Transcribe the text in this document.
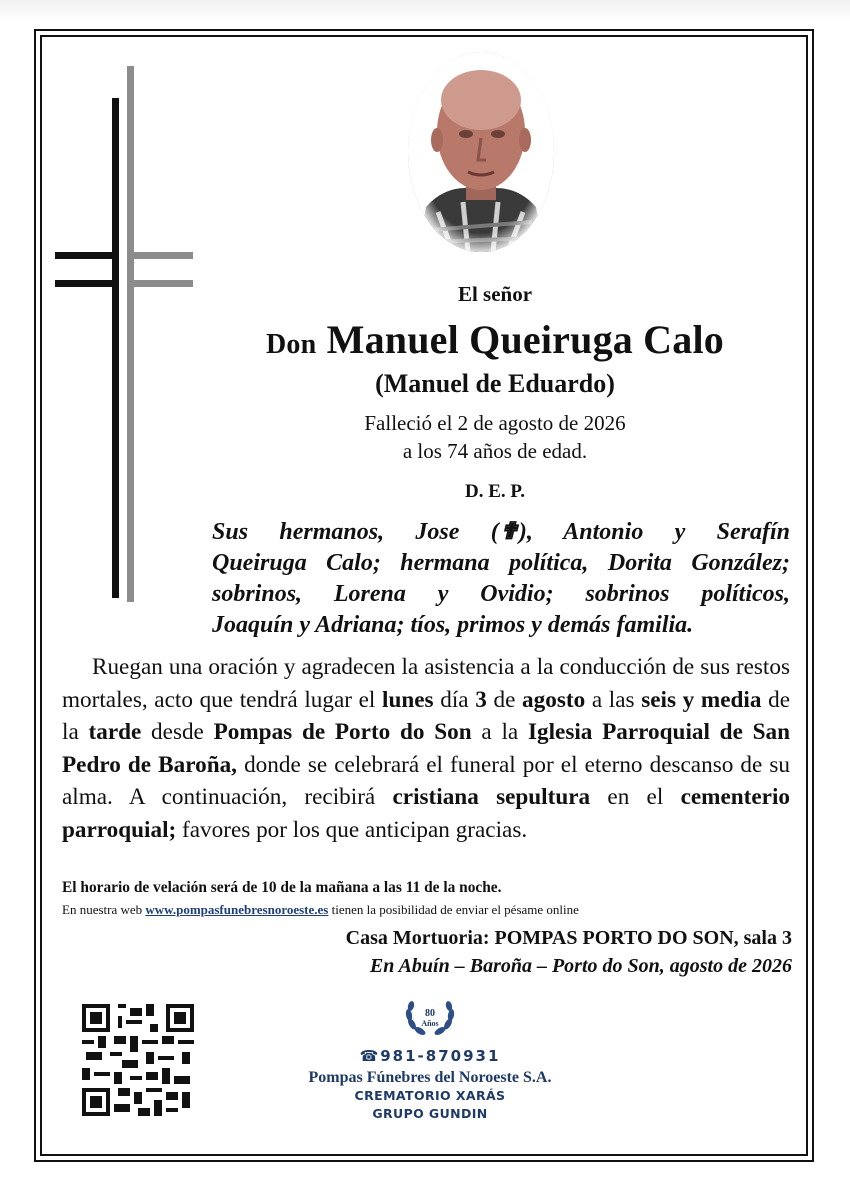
El señor
Don Manuel Queiruga Calo
(Manuel de Eduardo)
Falleció el 2 de agosto de 2026
a los 74 años de edad.
D. E. P.
Sus hermanos, Jose (✟), Antonio y Serafín
Queiruga Calo; hermana política, Dorita González;
sobrinos, Lorena y Ovidio; sobrinos políticos,
Joaquín y Adriana; tíos, primos y demás familia.

Ruegan una oración y agradecen la asistencia a la conducción de sus restos mortales, acto que tendrá lugar el lunes día 3 de agosto a las seis y media de la tarde desde Pompas de Porto do Son a la Iglesia Parroquial de San Pedro de Baroña, donde se celebrará el funeral por el eterno descanso de su alma. A continuación, recibirá cristiana sepultura en el cementerio parroquial; favores por los que anticipan gracias.

El horario de velación será de 10 de la mañana a las 11 de la noche.
En nuestra web www.pompasfunebresnoroeste.es tienen la posibilidad de enviar el pésame online
Casa Mortuoria: POMPAS PORTO DO SON, sala 3
En Abuín – Baroña – Porto do Son, agosto de 2026
80
Años
☎981-870931
Pompas Fúnebres del Noroeste S.A.
CREMATORIO XARÁS
GRUPO GUNDIN
